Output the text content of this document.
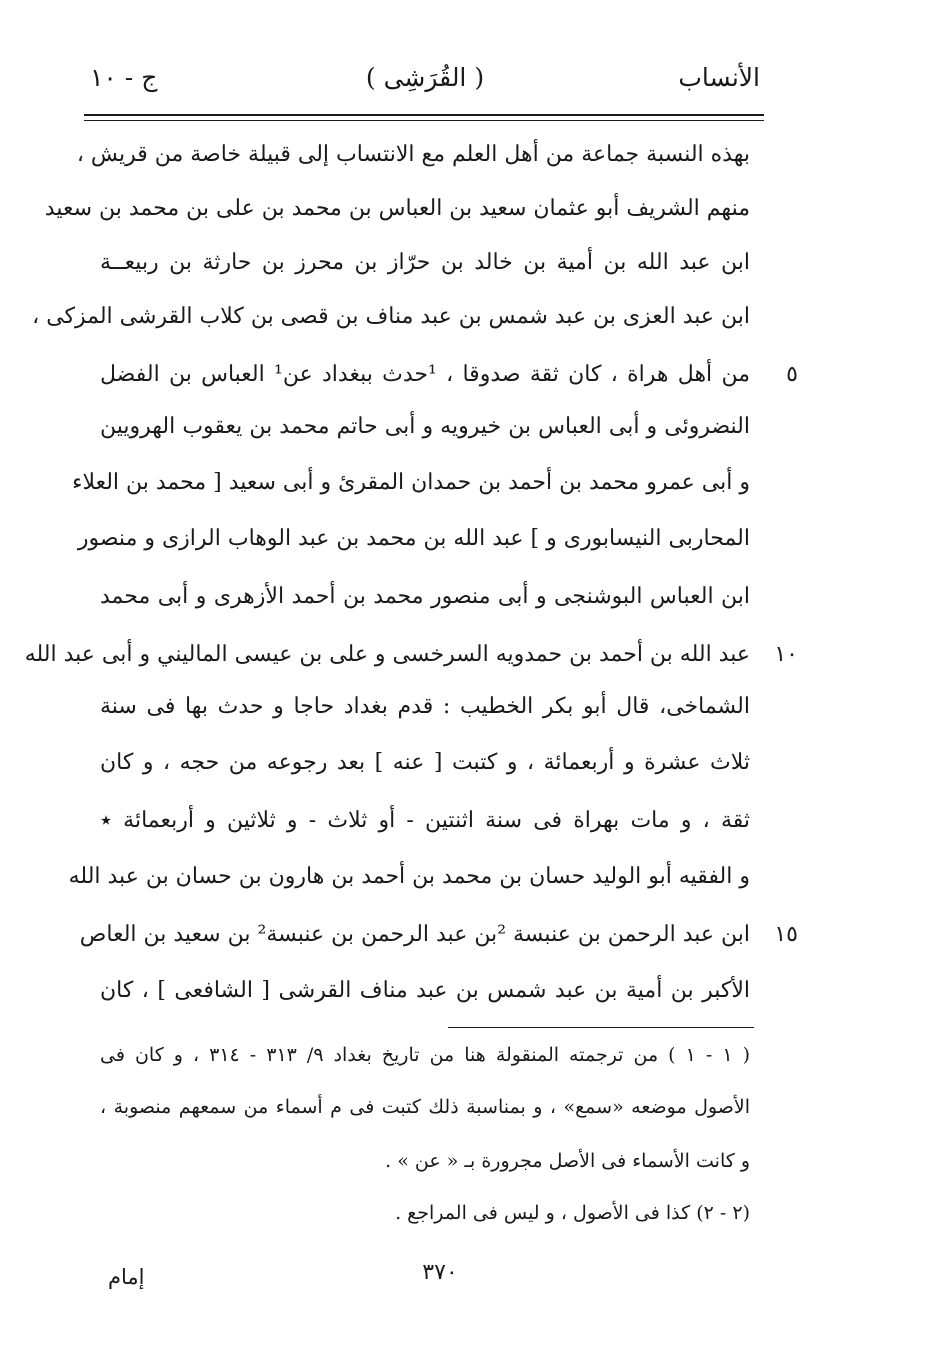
الأنساب
( القُرَشِى )
ج - ١٠
بهذه النسبة جماعة من أهل العلم مع الانتساب إلى قبيلة خاصة من قريش ،
منهم الشريف أبو عثمان سعيد بن العباس بن محمد بن على بن محمد بن سعيد
ابن عبد الله بن أمية بن خالد بن حرّاز بن محرز بن حارثة بن ربيعــة
ابن عبد العزى بن عبد شمس بن عبد مناف بن قصى بن كلاب القرشى المزكى ،
٥
من أهل هراة ، كان ثقة صدوقا ، ¹حدث ببغداد عن¹ العباس بن الفضل
النضروئى و أبى العباس بن خيرويه و أبى حاتم محمد بن يعقوب الهرويين
و أبى عمرو محمد بن أحمد بن حمدان المقرئ و أبى سعيد [ محمد بن العلاء
المحاربى النيسابورى و ] عبد الله بن محمد بن عبد الوهاب الرازى و منصور
ابن العباس البوشنجى و أبى منصور محمد بن أحمد الأزهرى و أبى محمد
١٠
عبد الله بن أحمد بن حمدويه السرخسى و على بن عيسى الماليني و أبى عبد الله
الشماخى، قال أبو بكر الخطيب : قدم بغداد حاجا و حدث بها فى سنة
ثلاث عشرة و أربعمائة ، و كتبت [ عنه ] بعد رجوعه من حجه ، و كان
ثقة ، و مات بهراة فى سنة اثنتين - أو ثلاث - و ثلاثين و أربعمائة ٭
و الفقيه أبو الوليد حسان بن محمد بن أحمد بن هارون بن حسان بن عبد الله
١٥
ابن عبد الرحمن بن عنبسة ²بن عبد الرحمن بن عنبسة² بن سعيد بن العاص
الأكبر بن أمية بن عبد شمس بن عبد مناف القرشى [ الشافعى ] ، كان
( ١ - ١ ) من ترجمته المنقولة هنا من تاريخ بغداد ٩/ ٣١٣ - ٣١٤ ، و كان فى
الأصول موضعه «سمع» ، و بمناسبة ذلك كتبت فى م أسماء من سمعهم منصوبة ،
و كانت الأسماء فى الأصل مجرورة بـ « عن » .
(٢ - ٢) كذا فى الأصول ، و ليس فى المراجع .
٣٧٠
إمام
